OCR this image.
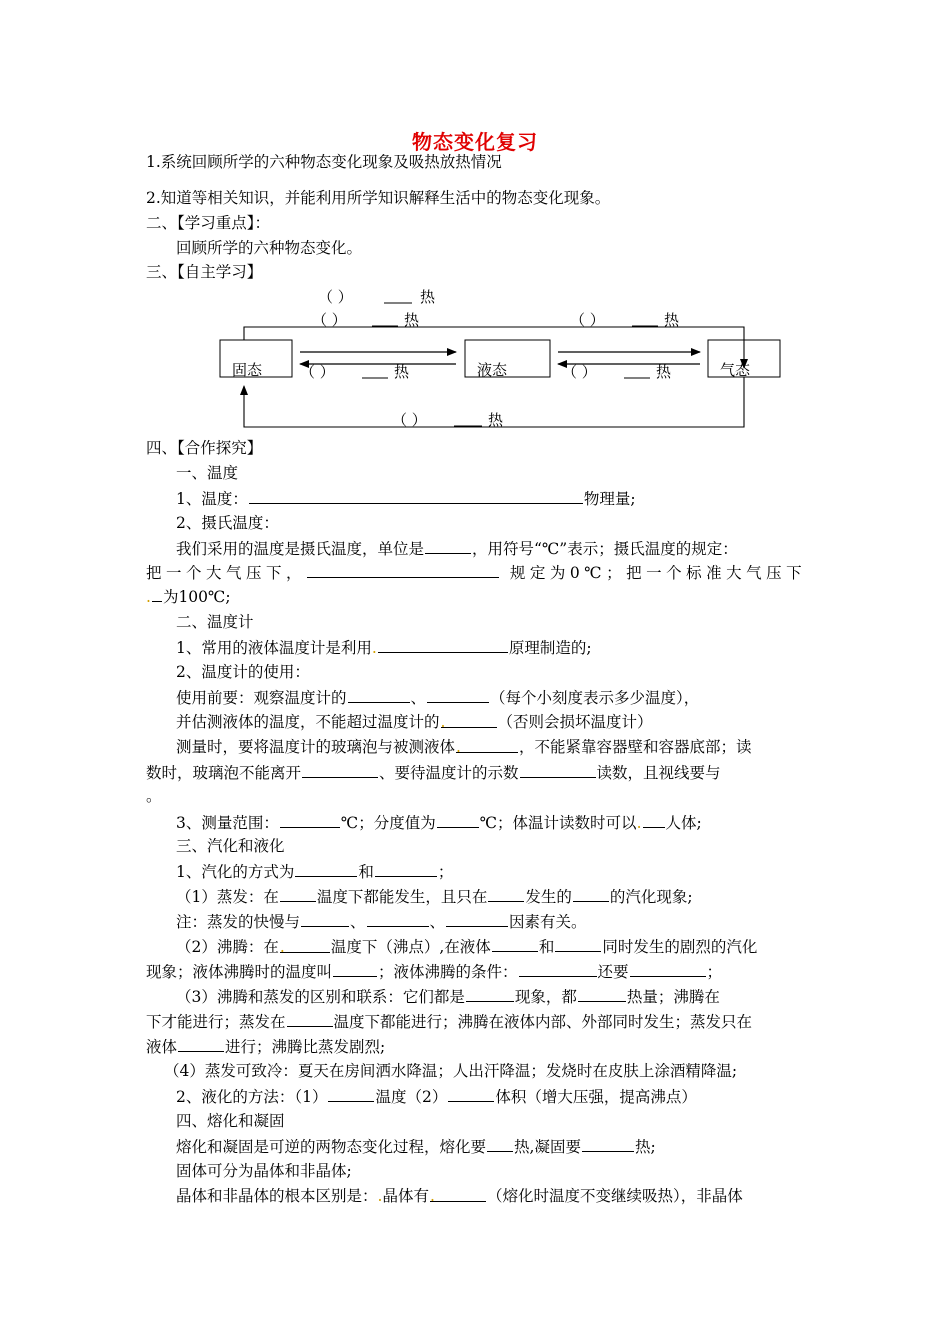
物态变化复习
1.系统回顾所学的六种物态变化现象及吸热放热情况
2.知道等相关知识，并能利用所学知识解释生活中的物态变化现象。
二、【学习重点】：
回顾所学的六种物态变化。
三、【自主学习】
固态	液态	气态
（ ）	热
（ ）	热	（ ）	热
（ ）	热	（ ）	热
（ ）	热
四、【合作探究】
一、温度
1、温度：	物理量;
2、摄氏温度：
我们采用的温度是摄氏温度，单位是	，用符号“℃”表示；摄氏温度的规定：
把一个大气压下，	规定为0℃；把一个标准大气压下
. 为100℃;
二、温度计
1、常用的液体温度计是利用.	原理制造的;
2、温度计的使用：
使用前要：观察温度计的	、	（每个小刻度表示多少温度），
并估测液体的温度，不能超过温度计的.	（否则会损坏温度计）
测量时，要将温度计的玻璃泡与被测液体.	，不能紧靠容器壁和容器底部；读
数时，玻璃泡不能离开	、要待温度计的示数	读数，且视线要与
。
3、测量范围：	℃；分度值为	℃；体温计读数时可以. 人体;
三、汽化和液化
1、汽化的方式为	和	；
（1）蒸发：在 温度下都能发生，且只在 发生的 的汽化现象;
注：蒸发的快慢与	、	、	因素有关。
（2）沸腾：在.	温度下（沸点）,在液体	和	同时发生的剧烈的汽化
现象；液体沸腾时的温度叫	；液体沸腾的条件：	还要	；
（3）沸腾和蒸发的区别和联系：它们都是	现象，都	热量；沸腾在
下才能进行；蒸发在	温度下都能进行；沸腾在液体内部、外部同时发生；蒸发只在
液体	进行；沸腾比蒸发剧烈;
（4）蒸发可致冷：夏天在房间洒水降温；人出汗降温；发烧时在皮肤上涂酒精降温;
2、液化的方法：（1）	温度（2）	体积（增大压强，提高沸点）
四、熔化和凝固
熔化和凝固是可逆的两物态变化过程，熔化要 热,凝固要	热;
固体可分为晶体和非晶体;
晶体和非晶体的根本区别是：.晶体有.	（熔化时温度不变继续吸热），非晶体
